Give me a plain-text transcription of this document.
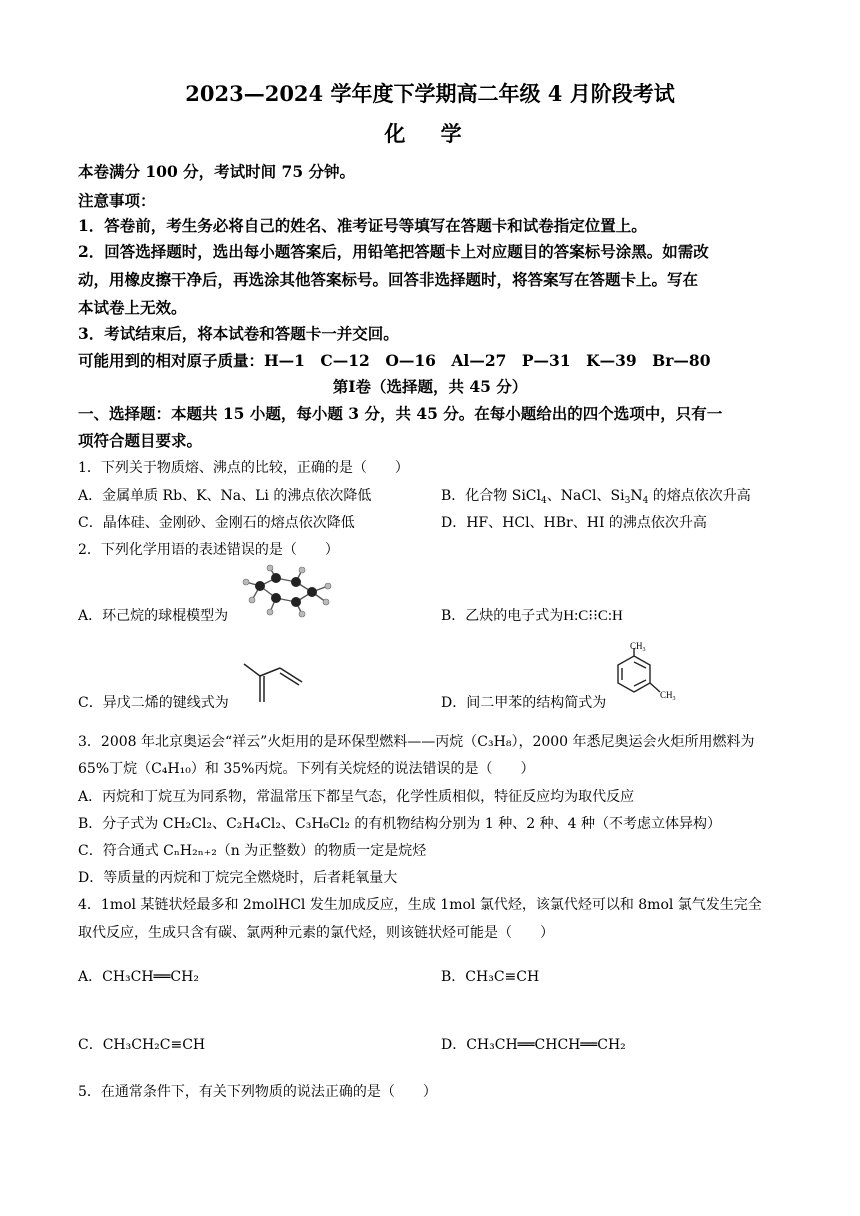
2023—2024 学年度下学期高二年级 4 月阶段考试
化 学
本卷满分 100 分，考试时间 75 分钟。
注意事项：
1．答卷前，考生务必将自己的姓名、准考证号等填写在答题卡和试卷指定位置上。
2．回答选择题时，选出每小题答案后，用铅笔把答题卡上对应题目的答案标号涂黑。如需改
动，用橡皮擦干净后，再选涂其他答案标号。回答非选择题时，将答案写在答题卡上。写在
本试卷上无效。
3．考试结束后，将本试卷和答题卡一并交回。
可能用到的相对原子质量：H—1　C—12　O—16　Al—27　P—31　K—39　Br—80
第Ⅰ卷（选择题，共 45 分）
一、选择题：本题共 15 小题，每小题 3 分，共 45 分。在每小题给出的四个选项中，只有一
项符合题目要求。
1．下列关于物质熔、沸点的比较，正确的是（　　）
A．金属单质 Rb、K、Na、Li 的沸点依次降低	B．化合物 SiCl$_4$、NaCl、$Si_3N_4$ 的熔点依次升高
C．晶体硅、金刚砂、金刚石的熔点依次降低	D．HF、HCl、HBr、HI 的沸点依次升高
2．下列化学用语的表述错误的是（　　）
A．环己烷的球棍模型为	B．乙炔的电子式为H:C⁝⁝C:H
C．异戊二烯的键线式为	D．间二甲苯的结构简式为
$CH_3$
$CH_3$
3．2008 年北京奥运会“祥云”火炬用的是环保型燃料——丙烷（C₃H₈），2000 年悉尼奥运会火炬所用燃料为
65%丁烷（C₄H₁₀）和 35%丙烷。下列有关烷烃的说法错误的是（　　）
A．丙烷和丁烷互为同系物，常温常压下都呈气态，化学性质相似，特征反应均为取代反应
B．分子式为 CH₂Cl₂、C₂H₄Cl₂、C₃H₆Cl₂ 的有机物结构分别为 1 种、2 种、4 种（不考虑立体异构）
C．符合通式 CₙH₂ₙ₊₂（n 为正整数）的物质一定是烷烃
D．等质量的丙烷和丁烷完全燃烧时，后者耗氧量大
4．1mol 某链状烃最多和 2molHCl 发生加成反应，生成 1mol 氯代烃，该氯代烃可以和 8mol 氯气发生完全
取代反应，生成只含有碳、氯两种元素的氯代烃，则该链状烃可能是（　　）
A．CH₃CH══CH₂	B．CH₃C≡CH
C．CH₃CH₂C≡CH	D．CH₃CH══CHCH══CH₂
5．在通常条件下，有关下列物质的说法正确的是（　　）
